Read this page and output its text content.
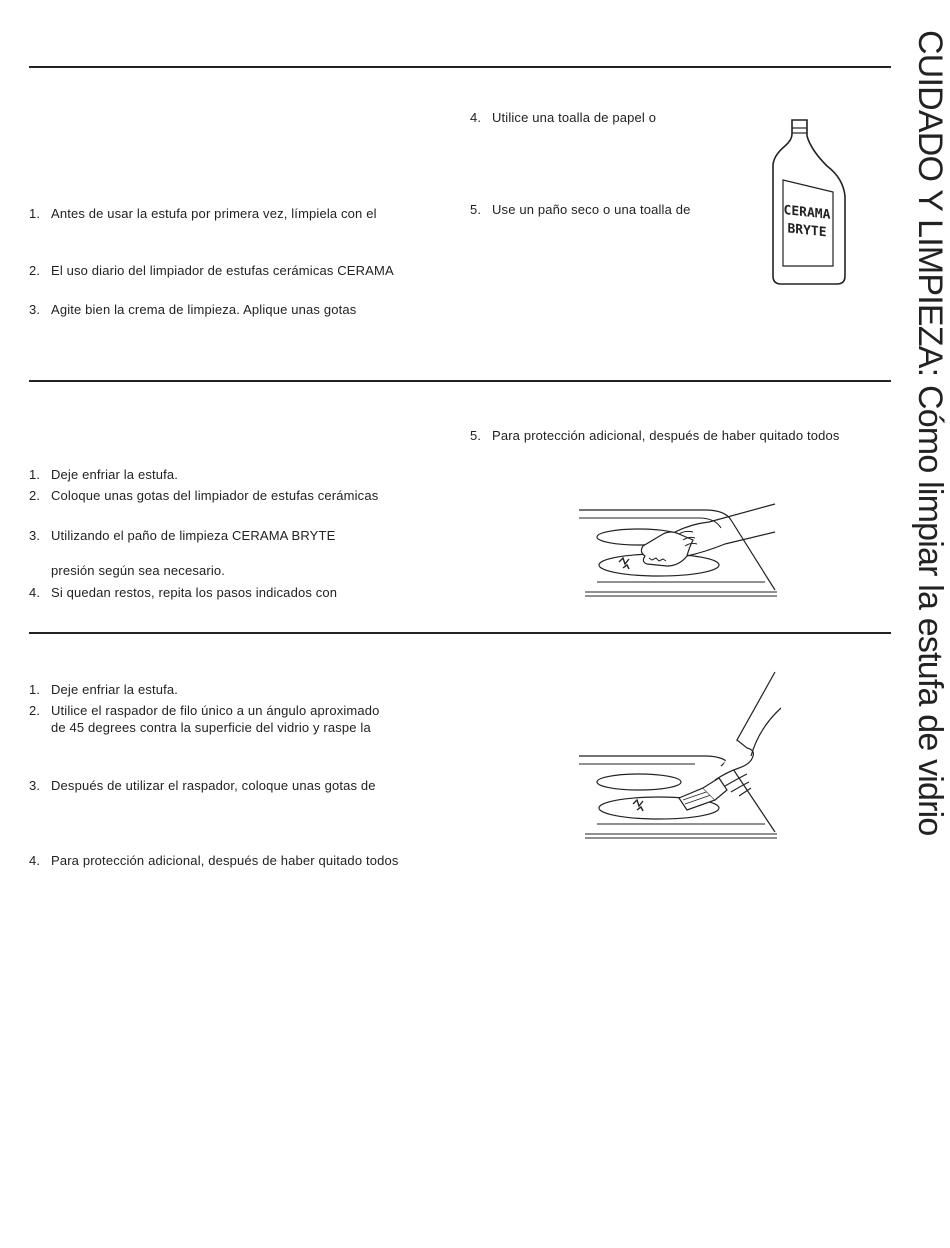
CUIDADO Y LIMPIEZA: Cómo limpiar la estufa de vidrio
4. Utilice una toalla de papel o
5. Use un paño seco o una toalla de
1. Antes de usar la estufa por primera vez, límpiela con el
2. El uso diario del limpiador de estufas cerámicas CERAMA
3. Agite bien la crema de limpieza. Aplique unas gotas
CERAMA
BRYTE
5. Para protección adicional, después de haber quitado todos
1. Deje enfriar la estufa.
2. Coloque unas gotas del limpiador de estufas cerámicas
3. Utilizando el paño de limpieza CERAMA BRYTE
presión según sea necesario.
4. Si quedan restos, repita los pasos indicados con
1. Deje enfriar la estufa.
2. Utilice el raspador de filo único a un ángulo aproximado
de 45 degrees contra la superficie del vidrio y raspe la
3. Después de utilizar el raspador, coloque unas gotas de
4. Para protección adicional, después de haber quitado todos
